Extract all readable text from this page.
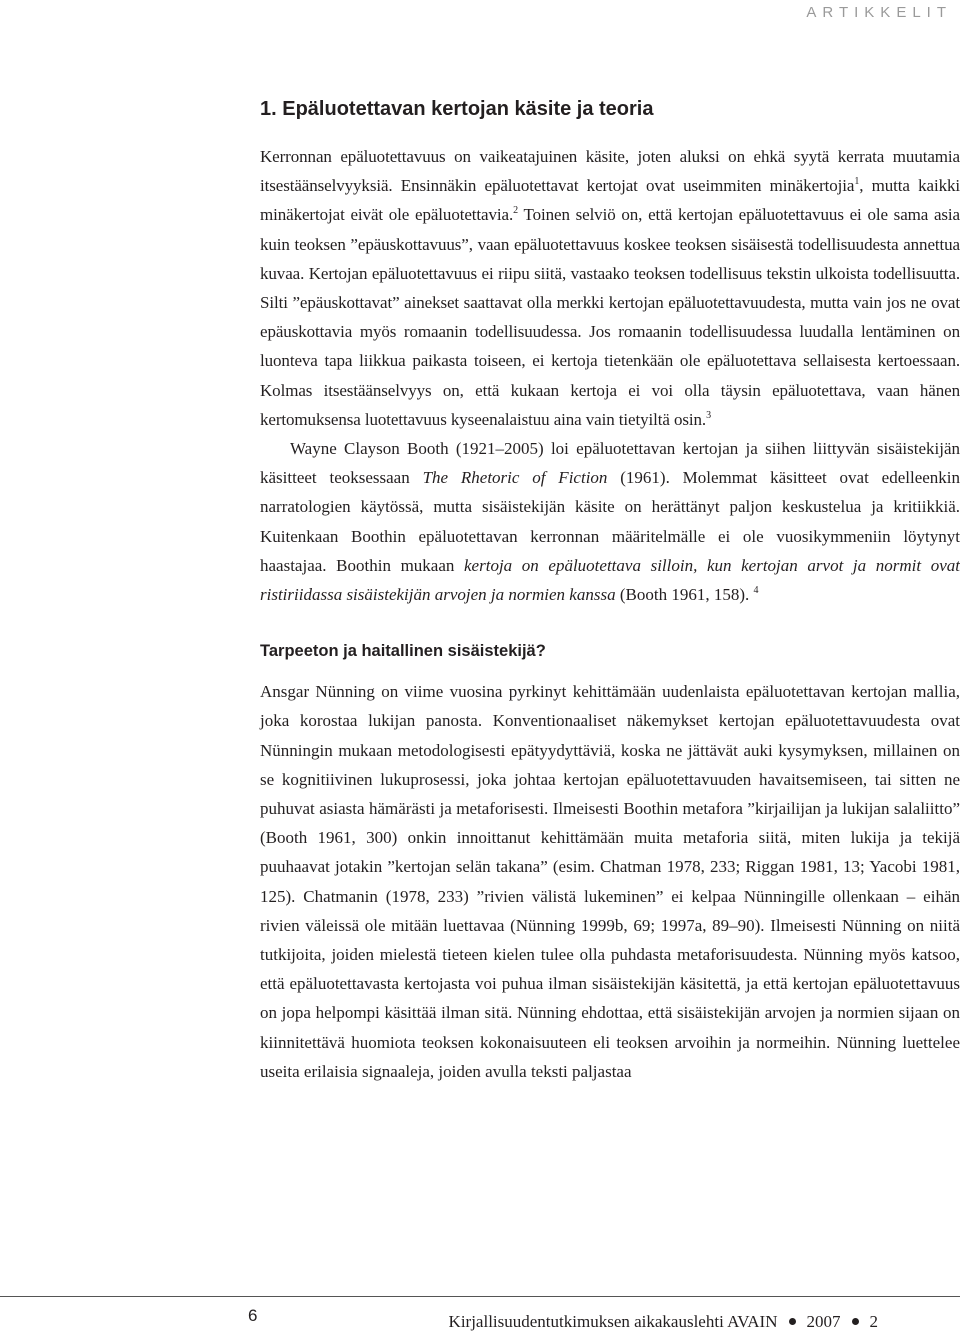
ARTIKKELIT
1. Epäluotettavan kertojan käsite ja teoria

Kerronnan epäluotettavuus on vaikeatajuinen käsite, joten aluksi on ehkä syytä kerrata muutamia itsestäänselvyyksiä. Ensinnäkin epäluotettavat kertojat ovat useimmiten minäkertojia$^1$, mutta kaikki minäkertojat eivät ole epäluotettavia.$^2$ Toinen selviö on, että kertojan epäluotettavuus ei ole sama asia kuin teoksen ”epäuskottavuus”, vaan epäluotettavuus koskee teoksen sisäisestä todellisuudesta annettua kuvaa. Kertojan epäluotettavuus ei riipu siitä, vastaako teoksen todellisuus tekstin ulkoista todellisuutta. Silti ”epäuskottavat” ainekset saattavat olla merkki kertojan epäluotettavuudesta, mutta vain jos ne ovat epäuskottavia myös romaanin todellisuudessa. Jos romaanin todellisuudessa luudalla lentäminen on luonteva tapa liikkua paikasta toiseen, ei kertoja tietenkään ole epäluotettava sellaisesta kertoessaan. Kolmas itsestäänselvyys on, että kukaan kertoja ei voi olla täysin epäluotettava, vaan hänen kertomuksensa luotettavuus kyseenalaistuu aina vain tietyiltä osin.$^3$

Wayne Clayson Booth (1921–2005) loi epäluotettavan kertojan ja siihen liittyvän sisäistekijän käsitteet teoksessaan The Rhetoric of Fiction (1961). Molemmat käsitteet ovat edelleenkin narratologien käytössä, mutta sisäistekijän käsite on herättänyt paljon keskustelua ja kritiikkiä. Kuitenkaan Boothin epäluotettavan kerronnan määritelmälle ei ole vuosikymmeniin löytynyt haastajaa. Boothin mukaan kertoja on epäluotettava silloin, kun kertojan arvot ja normit ovat ristiriidassa sisäistekijän arvojen ja normien kanssa (Booth 1961, 158). $^4$

Tarpeeton ja haitallinen sisäistekijä?

Ansgar Nünning on viime vuosina pyrkinyt kehittämään uudenlaista epäluotettavan kertojan mallia, joka korostaa lukijan panosta. Konventionaaliset näkemykset kertojan epäluotettavuudesta ovat Nünningin mukaan metodologisesti epätyydyttäviä, koska ne jättävät auki kysymyksen, millainen on se kognitiivinen lukuprosessi, joka johtaa kertojan epäluotettavuuden havaitsemiseen, tai sitten ne puhuvat asiasta hämärästi ja metaforisesti. Ilmeisesti Boothin metafora ”kirjailijan ja lukijan salaliitto” (Booth 1961, 300) onkin innoittanut kehittämään muita metaforia siitä, miten lukija ja tekijä puuhaavat jotakin ”kertojan selän takana” (esim. Chatman 1978, 233; Riggan 1981, 13; Yacobi 1981, 125). Chatmanin (1978, 233) ”rivien välistä lukeminen” ei kelpaa Nünningille ollenkaan – eihän rivien väleissä ole mitään luettavaa (Nünning 1999b, 69; 1997a, 89–90). Ilmeisesti Nünning on niitä tutkijoita, joiden mielestä tieteen kielen tulee olla puhdasta metaforisuudesta. Nünning myös katsoo, että epäluotettavasta kertojasta voi puhua ilman sisäistekijän käsitettä, ja että kertojan epäluotettavuus on jopa helpompi käsittää ilman sitä. Nünning ehdottaa, että sisäistekijän arvojen ja normien sijaan on kiinnitettävä huomiota teoksen kokonaisuuteen eli teoksen arvoihin ja normeihin. Nünning luettelee useita erilaisia signaaleja, joiden avulla teksti paljastaa

6	Kirjallisuudentutkimuksen aikakauslehti AVAIN 2007 2
